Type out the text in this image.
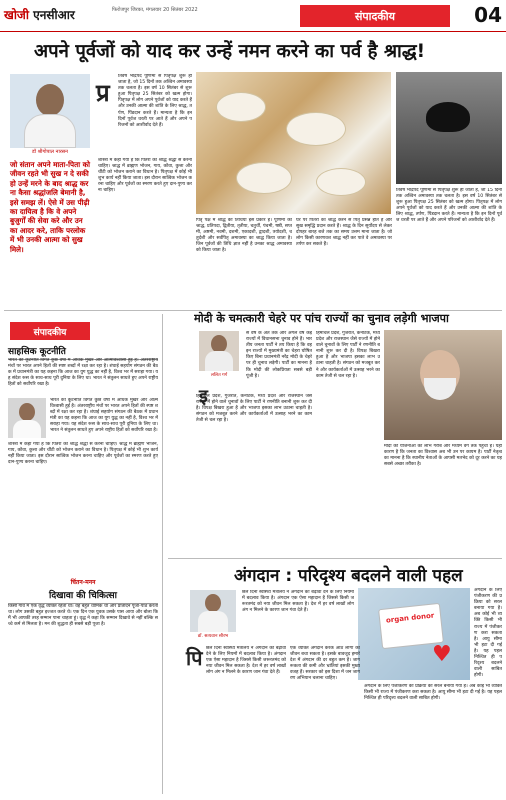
खोजी एनसीआर	फिरोजपुर जिरका, मंगलवार 20 सितंबर 2022	संपादकीय	04
अपने पूर्वजों को याद कर उन्हें नमन करने का पर्व है श्राद्ध!
डॉ श्रीगोपाल नारसन
जो संतान अपने माता-पिता को जीवन रहते भी सुख न दे सकी हो उन्हें मरने के बाद श्राद्ध करना कैसा श्रद्धांजलि बेमानी है, इसे समझ लें। ऐसे में उस पीढ़ी का दायित्व है कि वे अपने बुजुर्गों की सेवा करे और उनका आदर करे, ताकि परलोक में भी उनकी आत्मा को सुख मिले।
प्र
तिवर्ष भाद्रपद पूर्णिमा से पितृपक्ष शुरू हो जाता है, जो 15 दिनों तक अश्विन अमावस्या तक चलता है। इस वर्ष 10 सितंबर से शुरू हुआ पितृपक्ष 25 सितंबर को खत्म होगा। पितृपक्ष में लोग अपने पूर्वजों को याद करते हैं और उनकी आत्मा की शांति के लिए श्राद्ध, तर्पण, पिंडदान करते हैं। मान्यता है कि इन दिनों पूर्वज धरती पर आते हैं और अपने परिजनों को आशीर्वाद देते हैं।
शास्त्रों में कहा गया है कि पितरों का श्राद्ध श्रद्धा से करना चाहिए। श्राद्ध में ब्राह्मण भोजन, गाय, कौवा, कुत्ता और चींटी को भोजन कराने का विधान है। पितृपक्ष में कोई भी शुभ कार्य नहीं किया जाता। इस दौरान सात्विक भोजन करना चाहिए और पूर्वजों का स्मरण करते हुए दान-पुण्य करना चाहिए।
पितृ पक्ष में श्राद्ध की तिथियां इस प्रकार हैं। पूर्णिमा का श्राद्ध, प्रतिपदा, द्वितीया, तृतीया, चतुर्थी, पंचमी, षष्ठी, सप्तमी, अष्टमी, नवमी, दशमी, एकादशी, द्वादशी, त्रयोदशी, चतुर्दशी और सर्वपितृ अमावस्या का श्राद्ध किया जाता है। जिन पूर्वजों की तिथि ज्ञात नहीं है उनका श्राद्ध अमावस्या को किया जाता है।
घर पर पितरों का श्राद्ध करने से पितृ प्रसन्न होते हैं और सुख समृद्धि प्रदान करते हैं। श्राद्ध के दिन सूर्योदय से लेकर दोपहर बारह बजे तक का समय उत्तम माना जाता है। जो लोग किसी कारणवश श्राद्ध नहीं कर पाते वे अमावस्या पर तर्पण कर सकते हैं।
तिवर्ष भाद्रपद पूर्णिमा से पितृपक्ष शुरू हो जाता है, जो 15 दिनों तक अश्विन अमावस्या तक चलता है। इस वर्ष 10 सितंबर से शुरू हुआ पितृपक्ष 25 सितंबर को खत्म होगा। पितृपक्ष में लोग अपने पूर्वजों को याद करते हैं और उनकी आत्मा की शांति के लिए श्राद्ध, तर्पण, पिंडदान करते हैं। मान्यता है कि इन दिनों पूर्वज धरती पर आते हैं और अपने परिजनों को आशीर्वाद देते हैं।
संपादकीय
साहसिक कूटनीति
भारत की कूटनीति विगत कुछ वर्षों में अधिक मुखर और आत्मविश्वासी हुई है। अंतरराष्ट्रीय मंचों पर भारत अपने हितों की स्पष्ट शब्दों में रक्षा कर रहा है। शंघाई सहयोग संगठन की बैठक में प्रधानमंत्री का यह कहना कि आज का युग युद्ध का नहीं है, विश्व भर में सराहा गया। यह संदेश रूस के साथ-साथ पूरी दुनिया के लिए था। भारत ने संतुलन साधते हुए अपने राष्ट्रीय हितों को सर्वोपरि रखा है।
भारत की कूटनीति विगत कुछ वर्षों में अधिक मुखर और आत्मविश्वासी हुई है। अंतरराष्ट्रीय मंचों पर भारत अपने हितों की स्पष्ट शब्दों में रक्षा कर रहा है। शंघाई सहयोग संगठन की बैठक में प्रधानमंत्री का यह कहना कि आज का युग युद्ध का नहीं है, विश्व भर में सराहा गया। यह संदेश रूस के साथ-साथ पूरी दुनिया के लिए था। भारत ने संतुलन साधते हुए अपने राष्ट्रीय हितों को सर्वोपरि रखा है।
शास्त्रों में कहा गया है कि पितरों का श्राद्ध श्रद्धा से करना चाहिए। श्राद्ध में ब्राह्मण भोजन, गाय, कौवा, कुत्ता और चींटी को भोजन कराने का विधान है। पितृपक्ष में कोई भी शुभ कार्य नहीं किया जाता। इस दौरान सात्विक भोजन करना चाहिए और पूर्वजों का स्मरण करते हुए दान-पुण्य करना चाहिए।
मोदी के चमत्कारी चेहरे पर पांच राज्यों का चुनाव लड़ेगी भाजपा
ललित गर्ग
इ
स वर्ष के अंत तक और अगले वर्ष कई राज्यों में विधानसभा चुनाव होने हैं। भारतीय जनता पार्टी ने तय किया है कि वह इन राज्यों में मुख्यमंत्री का चेहरा घोषित किए बिना प्रधानमंत्री नरेंद्र मोदी के चेहरे पर ही चुनाव लड़ेगी। पार्टी का मानना है कि मोदी की लोकप्रियता सबसे बड़ी पूंजी है।
हिमाचल प्रदेश, गुजरात, कर्नाटक, मध्य प्रदेश और राजस्थान जैसे राज्यों में होने वाले चुनावों के लिए पार्टी ने रणनीति बनानी शुरू कर दी है। विपक्ष बिखरा हुआ है और भाजपा इसका लाभ उठाना चाहती है। संगठन को मजबूत करने और कार्यकर्ताओं में उत्साह भरने का काम तेजी से चल रहा है।
हिमाचल प्रदेश, गुजरात, कर्नाटक, मध्य प्रदेश और राजस्थान जैसे राज्यों में होने वाले चुनावों के लिए पार्टी ने रणनीति बनानी शुरू कर दी है। विपक्ष बिखरा हुआ है और भाजपा इसका लाभ उठाना चाहती है। संगठन को मजबूत करने और कार्यकर्ताओं में उत्साह भरने का काम तेजी से चल रहा है।
मोदी की योजनाओं का लाभ गरीब और मध्यम वर्ग तक पहुंचा है। यही कारण है कि जनता का विश्वास अब भी उन पर कायम है। पार्टी नेतृत्व का मानना है कि स्थानीय नेताओं के आपसी मतभेद को दूर करने का यह सबसे अच्छा तरीका है।
चिंतन-मनन
दिखावा की चिकित्सा
किसी गांव में एक वृद्ध व्यक्ति रहता था। वह बहुत धार्मिक था और प्रतिदिन पूजा-पाठ करता था। लोग उसकी बहुत इज्जत करते थे। एक दिन एक युवक उसके पास आया और बोला कि मैं भी आपकी तरह सम्मान पाना चाहता हूं। वृद्ध ने कहा कि सम्मान दिखावे से नहीं बल्कि सच्चे कर्म से मिलता है। मन की शुद्धता ही सबसे बड़ी पूजा है।
अंगदान : परिदृश्य बदलने वाली पहल
डॉ. सत्यवान सौरभ
छले दिनों स्वास्थ्य मंत्रालय ने अंगदान को बढ़ावा देने के लिए नियमों में बदलाव किया है। अंगदान एक ऐसा महादान है जिससे किसी जरूरतमंद को नया जीवन मिल सकता है। देश में हर वर्ष लाखों लोग अंग न मिलने के कारण जान गंवा देते हैं।
organ donor
♥
अंगदान के लिए पंजीकरण की प्रक्रिया को सरल बनाया गया है। अब कोई भी व्यक्ति किसी भी राज्य में पंजीकरण करा सकता है। आयु सीमा भी हटा दी गई है। यह पहल निश्चित ही परिदृश्य बदलने वाली साबित होगी।
पि छले दिनों स्वास्थ्य मंत्रालय ने अंगदान को बढ़ावा देने के लिए नियमों में बदलाव किया है। अंगदान एक ऐसा महादान है जिससे किसी जरूरतमंद को नया जीवन मिल सकता है। देश में हर वर्ष लाखों लोग अंग न मिलने के कारण जान गंवा देते हैं।
एक व्यक्ति अंगदान करके आठ लोगों का जीवन बचा सकता है। इसके बावजूद हमारे देश में अंगदान की दर बहुत कम है। जागरूकता की कमी और भ्रांतियां इसकी मुख्य वजह हैं। सरकार को इस दिशा में जन जागरण अभियान चलाना चाहिए।
अंगदान के लिए पंजीकरण की प्रक्रिया को सरल बनाया गया है। अब कोई भी व्यक्ति किसी भी राज्य में पंजीकरण करा सकता है। आयु सीमा भी हटा दी गई है। यह पहल निश्चित ही परिदृश्य बदलने वाली साबित होगी।
